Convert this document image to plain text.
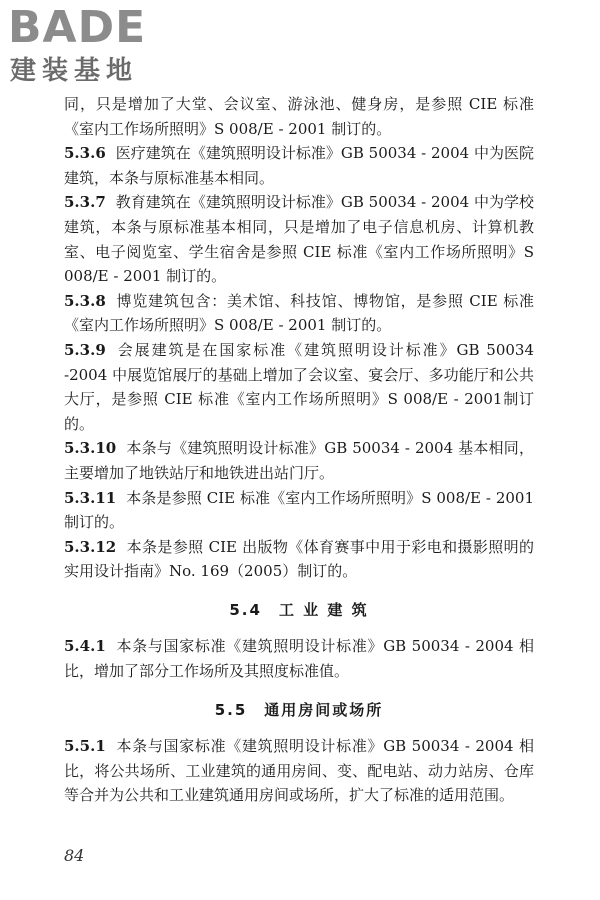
BADE
建装基地

同，只是增加了大堂、会议室、游泳池、健身房，是参照 CIE 标准《室内工作场所照明》S 008/E - 2001 制订的。

5.3.6 医疗建筑在《建筑照明设计标准》GB 50034 - 2004 中为医院建筑，本条与原标准基本相同。

5.3.7 教育建筑在《建筑照明设计标准》GB 50034 - 2004 中为学校建筑，本条与原标准基本相同，只是增加了电子信息机房、计算机教室、电子阅览室、学生宿舍是参照 CIE 标准《室内工作场所照明》S 008/E - 2001 制订的。

5.3.8 博览建筑包含：美术馆、科技馆、博物馆，是参照 CIE 标准《室内工作场所照明》S 008/E - 2001 制订的。

5.3.9 会展建筑是在国家标准《建筑照明设计标准》GB 50034 -2004 中展览馆展厅的基础上增加了会议室、宴会厅、多功能厅和公共大厅，是参照 CIE 标准《室内工作场所照明》S 008/E - 2001制订的。

5.3.10 本条与《建筑照明设计标准》GB 50034 - 2004 基本相同，主要增加了地铁站厅和地铁进出站门厅。

5.3.11 本条是参照 CIE 标准《室内工作场所照明》S 008/E - 2001 制订的。

5.3.12 本条是参照 CIE 出版物《体育赛事中用于彩电和摄影照明的实用设计指南》No. 169（2005）制订的。

5.4　工 业 建 筑

5.4.1 本条与国家标准《建筑照明设计标准》GB 50034 - 2004 相比，增加了部分工作场所及其照度标准值。

5.5　通用房间或场所

5.5.1 本条与国家标准《建筑照明设计标准》GB 50034 - 2004 相比，将公共场所、工业建筑的通用房间、变、配电站、动力站房、仓库等合并为公共和工业建筑通用房间或场所，扩大了标准的适用范围。

84
